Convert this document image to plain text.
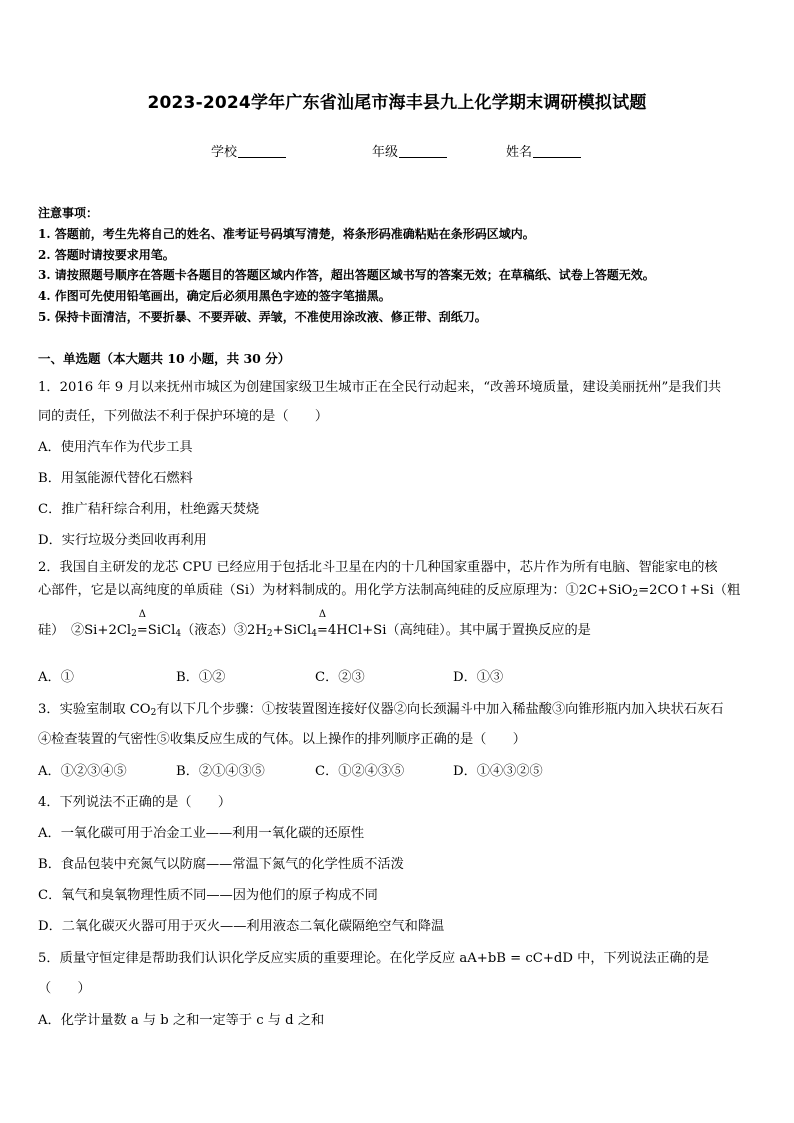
2023-2024学年广东省汕尾市海丰县九上化学期末调研模拟试题
学校	年级	姓名
注意事项：
1. 答题前，考生先将自己的姓名、准考证号码填写清楚，将条形码准确粘贴在条形码区域内。
2. 答题时请按要求用笔。
3. 请按照题号顺序在答题卡各题目的答题区域内作答，超出答题区域书写的答案无效；在草稿纸、试卷上答题无效。
4. 作图可先使用铅笔画出，确定后必须用黑色字迹的签字笔描黑。
5. 保持卡面清洁，不要折暴、不要弄破、弄皱，不准使用涂改液、修正带、刮纸刀。
一、单选题（本大题共 10 小题，共 30 分）
1．2016 年 9 月以来抚州市城区为创建国家级卫生城市正在全民行动起来，“改善环境质量，建设美丽抚州”是我们共
同的责任，下列做法不利于保护环境的是（　　）
A．使用汽车作为代步工具
B．用氢能源代替化石燃料
C．推广秸秆综合利用，杜绝露天焚烧
D．实行垃圾分类回收再利用
2．我国自主研发的龙芯 CPU 已经应用于包括北斗卫星在内的十几种国家重器中，芯片作为所有电脑、智能家电的核
心部件，它是以高纯度的单质硅（Si）为材料制成的。用化学方法制高纯硅的反应原理为：①2C+SiO$_2$=2CO↑+Si（粗
硅）　$②Si+2Cl_2$
Δ
=SiCl$_4$（液态）$③2H_2+SiCl_4$
Δ
=4HCl+Si（高纯硅）。其中属于置换反应的是
A．①	B．①②	C．②③	D．①③
3．实验室制取 $CO_2$有以下几个步骤：①按装置图连接好仪器②向长颈漏斗中加入稀盐酸③向锥形瓶内加入块状石灰石
④检查装置的气密性⑤收集反应生成的气体。以上操作的排列顺序正确的是（　　）
A．①②③④⑤	B．②①④③⑤	C．①②④③⑤	D．①④③②⑤
4．下列说法不正确的是（　　）
A．一氧化碳可用于冶金工业——利用一氧化碳的还原性
B．食品包装中充氮气以防腐——常温下氮气的化学性质不活泼
C．氧气和臭氧物理性质不同——因为他们的原子构成不同
D．二氧化碳灭火器可用于灭火——利用液态二氧化碳隔绝空气和降温
5．质量守恒定律是帮助我们认识化学反应实质的重要理论。在化学反应 aA+bB = cC+dD 中，下列说法正确的是
（　　）
A．化学计量数 a 与 b 之和一定等于 c 与 d 之和
